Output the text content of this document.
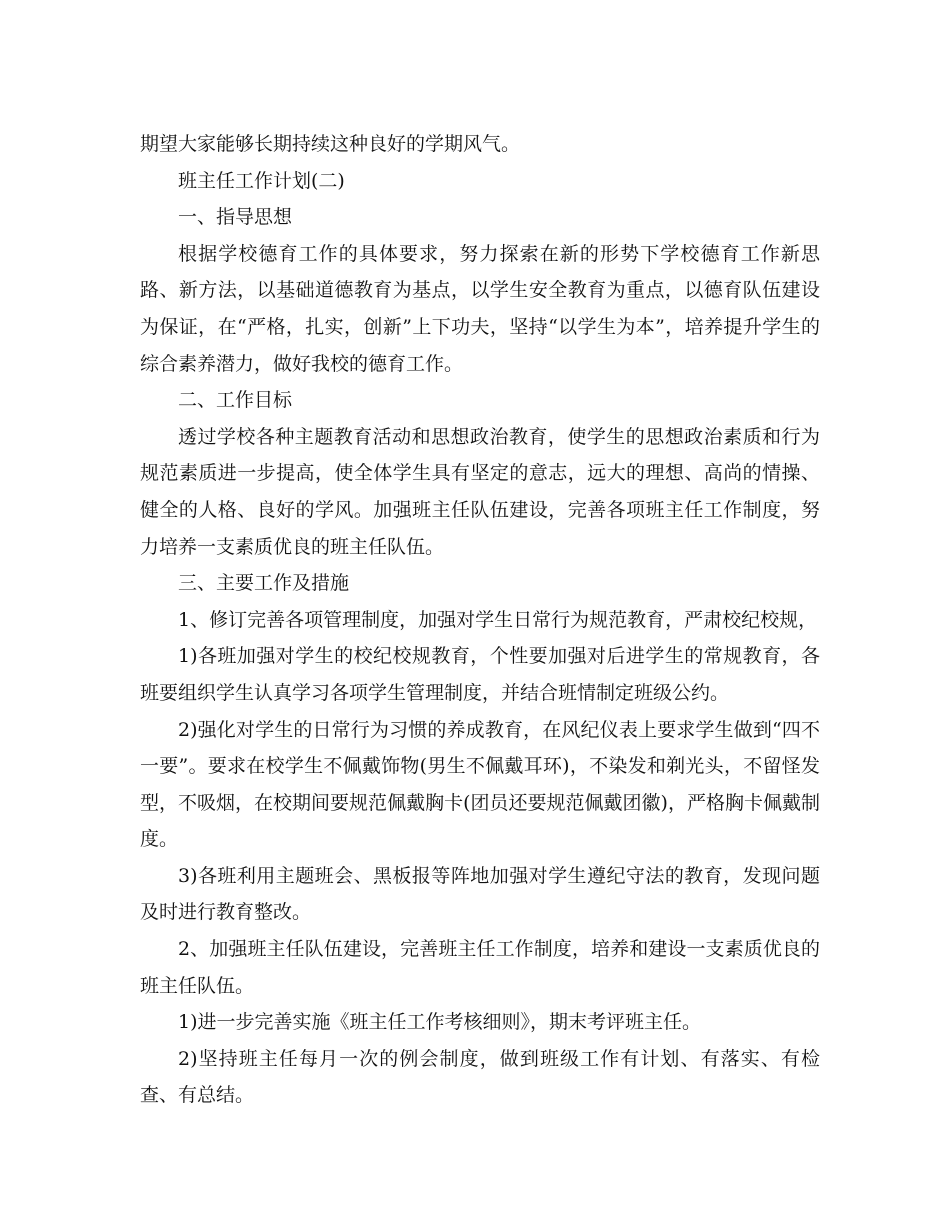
期望大家能够长期持续这种良好的学期风气。

班主任工作计划(二)

一、指导思想

根据学校德育工作的具体要求，努力探索在新的形势下学校德育工作新思路、新方法，以基础道德教育为基点，以学生安全教育为重点，以德育队伍建设为保证，在“严格，扎实，创新”上下功夫，坚持“以学生为本”，培养提升学生的综合素养潜力，做好我校的德育工作。

二、工作目标

透过学校各种主题教育活动和思想政治教育，使学生的思想政治素质和行为规范素质进一步提高，使全体学生具有坚定的意志，远大的理想、高尚的情操、健全的人格、良好的学风。加强班主任队伍建设，完善各项班主任工作制度，努力培养一支素质优良的班主任队伍。

三、主要工作及措施

1、修订完善各项管理制度，加强对学生日常行为规范教育，严肃校纪校规，

1)各班加强对学生的校纪校规教育，个性要加强对后进学生的常规教育，各班要组织学生认真学习各项学生管理制度，并结合班情制定班级公约。

2)强化对学生的日常行为习惯的养成教育，在风纪仪表上要求学生做到“四不一要”。要求在校学生不佩戴饰物(男生不佩戴耳环)，不染发和剃光头，不留怪发型，不吸烟，在校期间要规范佩戴胸卡(团员还要规范佩戴团徽)，严格胸卡佩戴制度。

3)各班利用主题班会、黑板报等阵地加强对学生遵纪守法的教育，发现问题及时进行教育整改。

2、加强班主任队伍建设，完善班主任工作制度，培养和建设一支素质优良的班主任队伍。

1)进一步完善实施《班主任工作考核细则》，期末考评班主任。

2)坚持班主任每月一次的例会制度，做到班级工作有计划、有落实、有检查、有总结。
